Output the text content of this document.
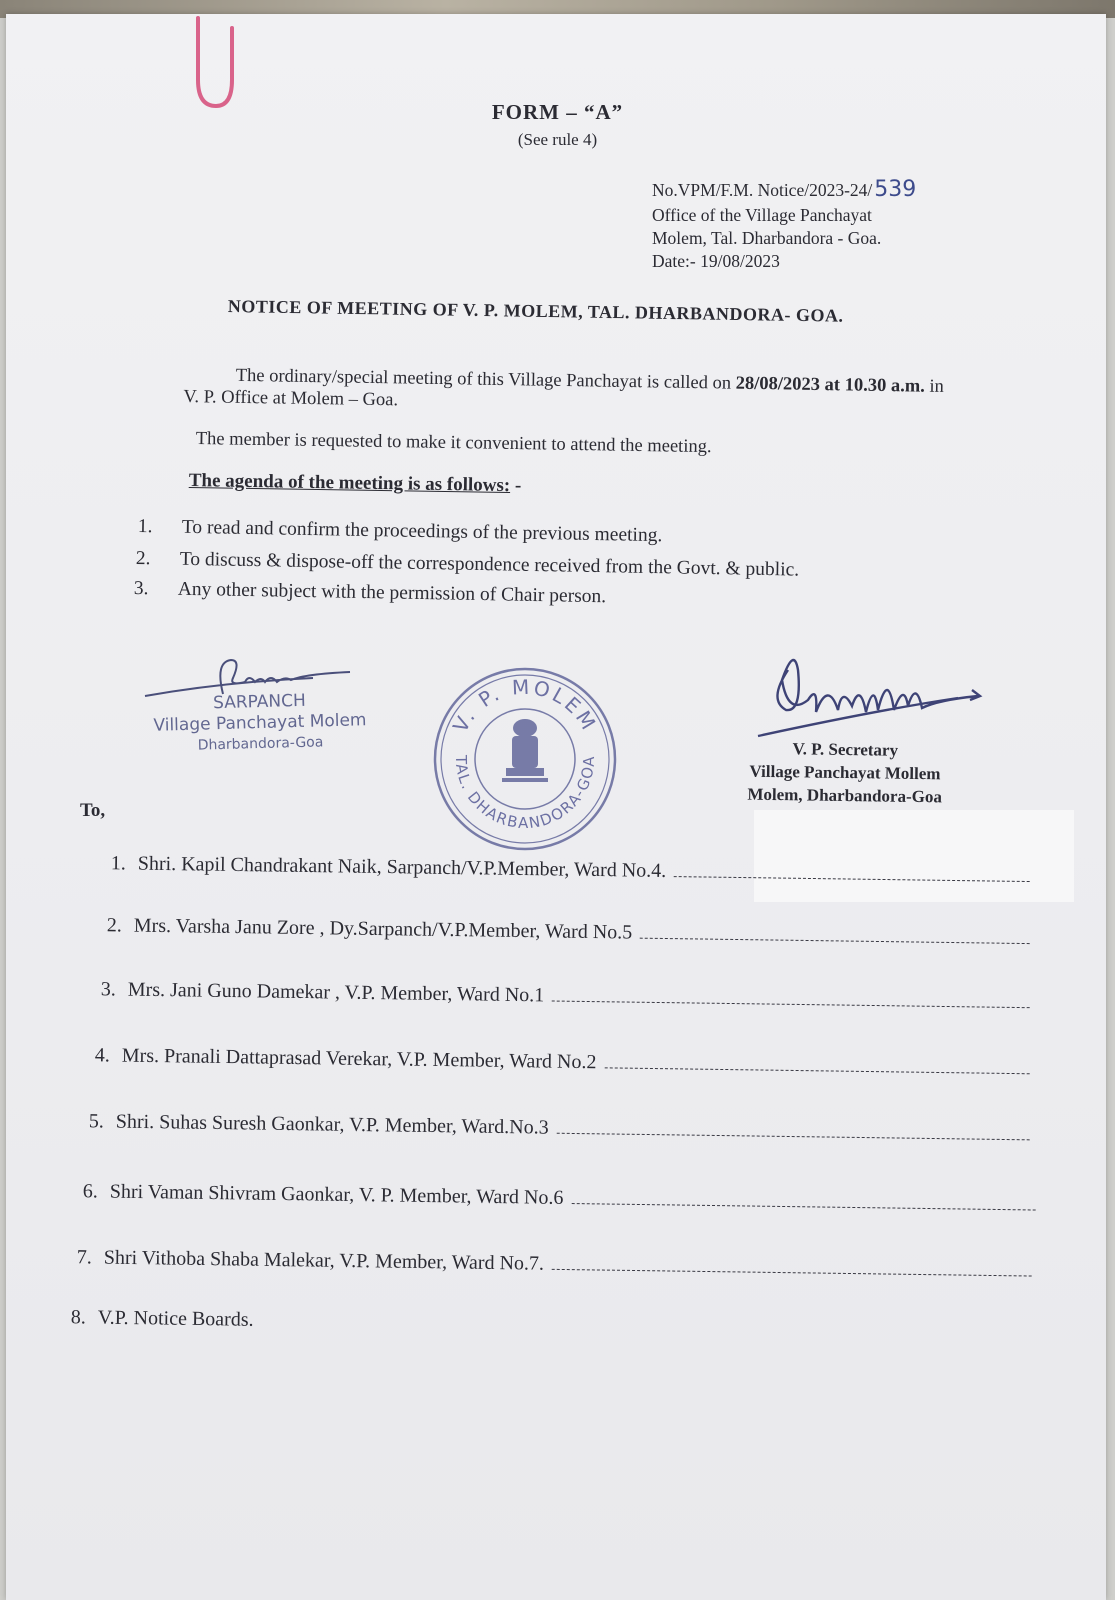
FORM – “A”
(See rule 4)
No.VPM/F.M. Notice/2023-24/539
Office of the Village Panchayat
Molem, Tal. Dharbandora - Goa.
Date:- 19/08/2023
NOTICE OF MEETING OF V. P. MOLEM, TAL. DHARBANDORA- GOA.
The ordinary/special meeting of this Village Panchayat is called on 28/08/2023 at 10.30 a.m. in V. P. Office at Molem – Goa.
The member is requested to make it convenient to attend the meeting.
The agenda of the meeting is as follows: -
1. To read and confirm the proceedings of the previous meeting.
2. To discuss & dispose-off the correspondence received from the Govt. & public.
3. Any other subject with the permission of Chair person.
SARPANCH
Village Panchayat Molem
Dharbandora-Goa
V. P. MOLEM
TAL. DHARBANDORA-GOA
V. P. Secretary
Village Panchayat Mollem
Molem, Dharbandora-Goa
To,
1. Shri. Kapil Chandrakant Naik, Sarpanch/V.P.Member, Ward No.4.
2. Mrs. Varsha Janu Zore , Dy.Sarpanch/V.P.Member, Ward No.5
3. Mrs. Jani Guno Damekar , V.P. Member, Ward No.1
4. Mrs. Pranali Dattaprasad Verekar, V.P. Member, Ward No.2
5. Shri. Suhas Suresh Gaonkar, V.P. Member, Ward.No.3
6. Shri Vaman Shivram Gaonkar, V. P. Member, Ward No.6
7. Shri Vithoba Shaba Malekar, V.P. Member, Ward No.7.
8. V.P. Notice Boards.
